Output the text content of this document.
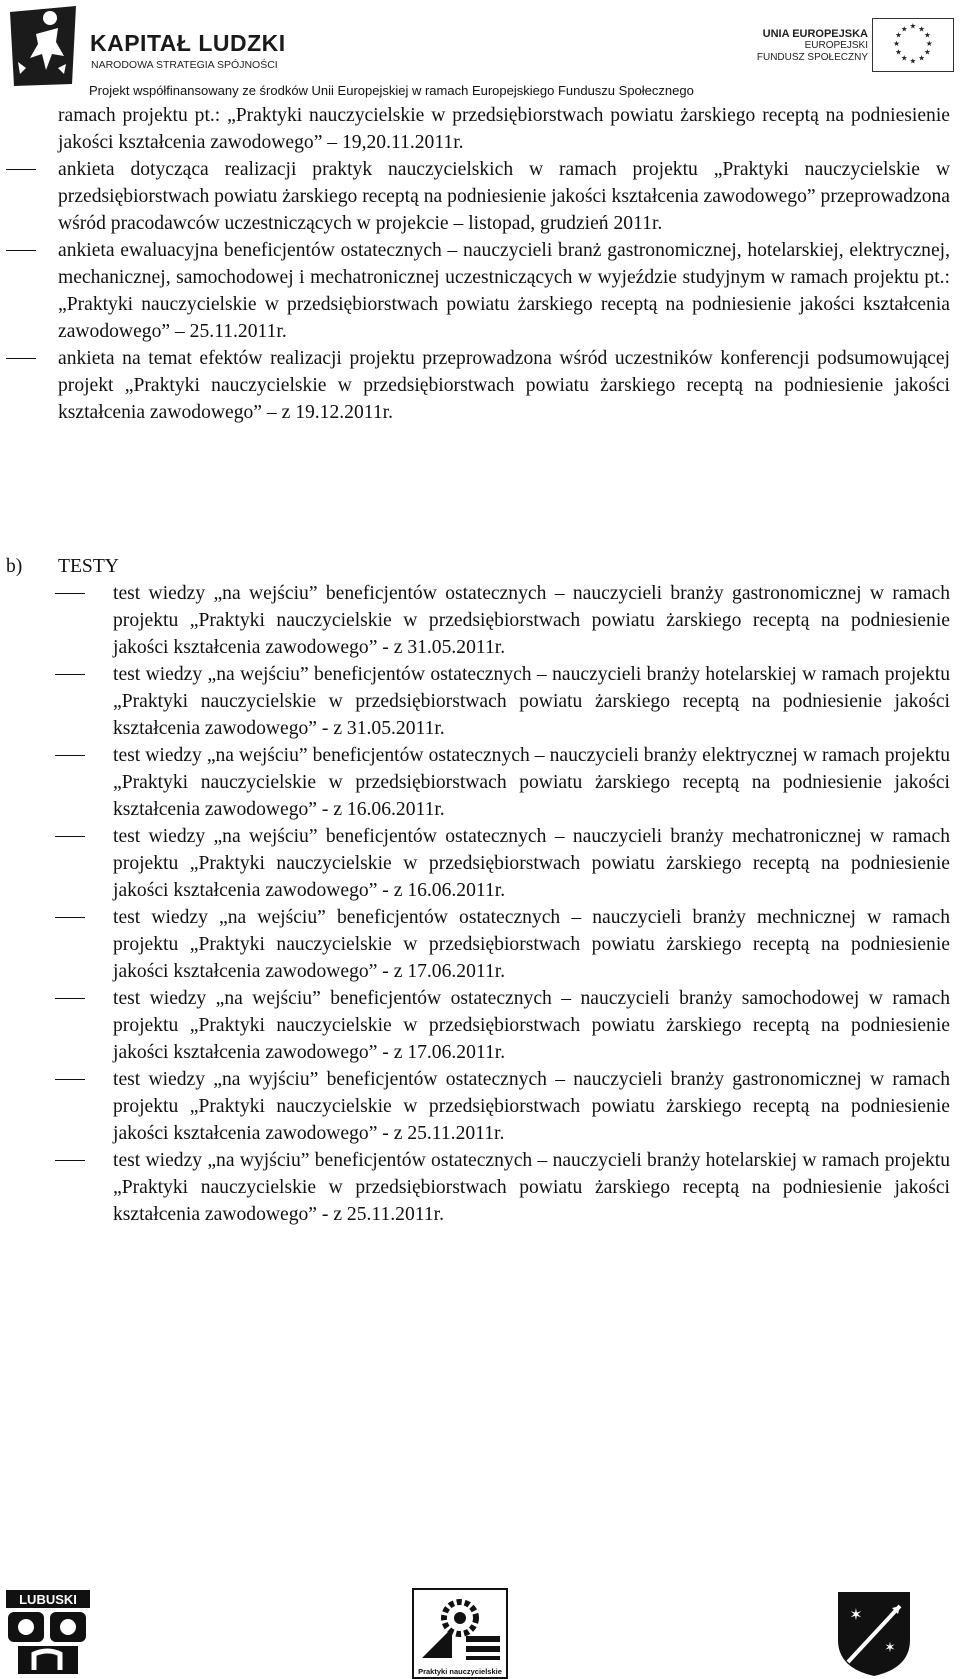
KAPITAŁ LUDZKI
NARODOWA STRATEGIA SPÓJNOŚCI
UNIA EUROPEJSKA
EUROPEJSKI
FUNDUSZ SPOŁECZNY
★ ★
★
★
★
★
★
★
★
★
★
★
Projekt współfinansowany ze środków Unii Europejskiej w ramach Europejskiego Funduszu Społecznego

ramach projektu pt.: „Praktyki nauczycielskie w przedsiębiorstwach powiatu żarskiego receptą na podniesienie jakości kształcenia zawodowego” – 19,20.11.2011r.

ankieta dotycząca realizacji praktyk nauczycielskich w ramach projektu „Praktyki nauczycielskie w przedsiębiorstwach powiatu żarskiego receptą na podniesienie jakości kształcenia zawodowego” przeprowadzona wśród pracodawców uczestniczących w projekcie – listopad, grudzień 2011r.
ankieta ewaluacyjna beneficjentów ostatecznych – nauczycieli branż gastronomicznej, hotelarskiej, elektrycznej, mechanicznej, samochodowej i mechatronicznej uczestniczących w wyjeździe studyjnym w ramach projektu pt.: „Praktyki nauczycielskie w przedsiębiorstwach powiatu żarskiego receptą na podniesienie jakości kształcenia zawodowego” – 25.11.2011r.
ankieta na temat efektów realizacji projektu przeprowadzona wśród uczestników konferencji podsumowującej projekt „Praktyki nauczycielskie w przedsiębiorstwach powiatu żarskiego receptą na podniesienie jakości kształcenia zawodowego” – z 19.12.2011r.
b) TESTY
test wiedzy „na wejściu” beneficjentów ostatecznych – nauczycieli branży gastronomicznej w ramach projektu „Praktyki nauczycielskie w przedsiębiorstwach powiatu żarskiego receptą na podniesienie jakości kształcenia zawodowego” - z 31.05.2011r.
test wiedzy „na wejściu” beneficjentów ostatecznych – nauczycieli branży hotelarskiej w ramach projektu „Praktyki nauczycielskie w przedsiębiorstwach powiatu żarskiego receptą na podniesienie jakości kształcenia zawodowego” - z 31.05.2011r.
test wiedzy „na wejściu” beneficjentów ostatecznych – nauczycieli branży elektrycznej w ramach projektu „Praktyki nauczycielskie w przedsiębiorstwach powiatu żarskiego receptą na podniesienie jakości kształcenia zawodowego” - z 16.06.2011r.
test wiedzy „na wejściu” beneficjentów ostatecznych – nauczycieli branży mechatronicznej w ramach projektu „Praktyki nauczycielskie w przedsiębiorstwach powiatu żarskiego receptą na podniesienie jakości kształcenia zawodowego” - z 16.06.2011r.
test wiedzy „na wejściu” beneficjentów ostatecznych – nauczycieli branży mechnicznej w ramach projektu „Praktyki nauczycielskie w przedsiębiorstwach powiatu żarskiego receptą na podniesienie jakości kształcenia zawodowego” - z 17.06.2011r.
test wiedzy „na wejściu” beneficjentów ostatecznych – nauczycieli branży samochodowej w ramach projektu „Praktyki nauczycielskie w przedsiębiorstwach powiatu żarskiego receptą na podniesienie jakości kształcenia zawodowego” - z 17.06.2011r.
test wiedzy „na wyjściu” beneficjentów ostatecznych – nauczycieli branży gastronomicznej w ramach projektu „Praktyki nauczycielskie w przedsiębiorstwach powiatu żarskiego receptą na podniesienie jakości kształcenia zawodowego” - z 25.11.2011r.
test wiedzy „na wyjściu” beneficjentów ostatecznych – nauczycieli branży hotelarskiej w ramach projektu „Praktyki nauczycielskie w przedsiębiorstwach powiatu żarskiego receptą na podniesienie jakości kształcenia zawodowego” - z 25.11.2011r.
LUBUSKI
Praktyki nauczycielskie
✶
✶
